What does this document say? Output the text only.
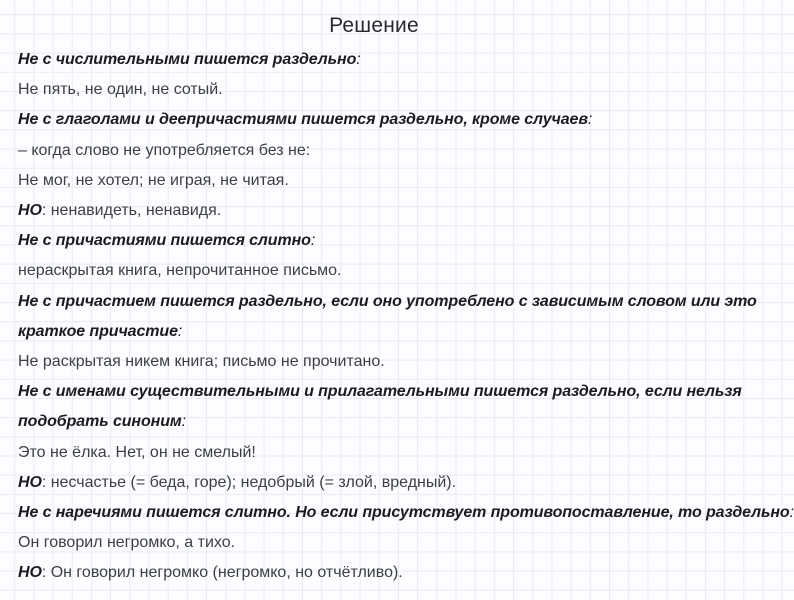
Решение
Не с числительными пишется раздельно:
Не пять, не один, не сотый.
Не с глаголами и деепричастиями пишется раздельно, кроме случаев:
– когда слово не употребляется без не:
Не мог, не хотел; не играя, не читая.
НО: ненавидеть, ненавидя.
Не с причастиями пишется слитно:
нераскрытая книга, непрочитанное письмо.
Не с причастием пишется раздельно, если оно употреблено с зависимым словом или это
краткое причастие:
Не раскрытая никем книга; письмо не прочитано.
Не с именами существительными и прилагательными пишется раздельно, если нельзя
подобрать синоним:
Это не ёлка. Нет, он не смелый!
НО: несчастье (= беда, горе); недобрый (= злой, вредный).
Не с наречиями пишется слитно. Но если присутствует противопоставление, то раздельно:
Он говорил негромко, а тихо.
НО: Он говорил негромко (негромко, но отчётливо).
